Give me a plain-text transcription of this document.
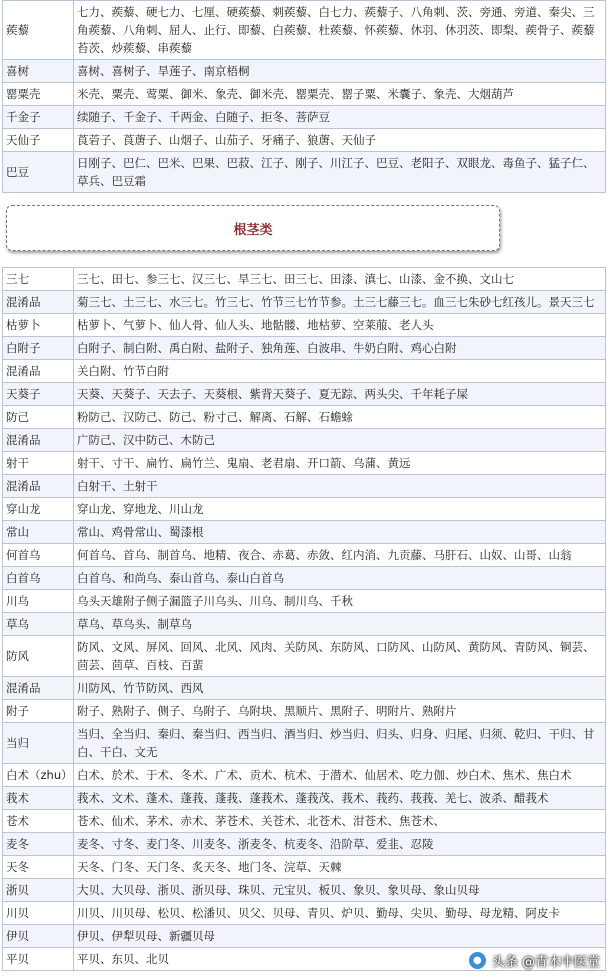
蒺藜	七力、蒺藜、硬七力、七厘、硬蒺藜、刺蒺藜、白七力、蒺藜子、八角刺、茨、旁通、旁道、秦尖、三角蒺藜、八角刺、屈人、止行、即藜、白蒺藜、杜蒺藜、怀蒺藜、休羽、休羽茨、即梨、蒺骨子、蒺藜苔茨、炒蒺藜、串蒺藜
喜树	喜树、喜树子、旱莲子、南京梧桐
罂粟壳	米壳、粟壳、莺粟、御米、象壳、御米壳、罂粟壳、罂子粟、米囊子、象壳、大烟葫芦
千金子	续随子、千金子、千两金、白随子、拒冬、菩萨豆
天仙子	莨菪子、莨蓎子、山烟子、山茄子、牙痛子、狼蓎、天仙子
巴豆	日刚子、巴仁、巴米、巴果、巴菽、江子、刚子、川江子、巴豆、老阳子、双眼龙、毒鱼子、猛子仁、草兵、巴豆霜
根茎类
三七	三七、田七、参三七、汉三七、旱三七、田三七、田漆、滇七、山漆、金不换、文山七
混淆品	菊三七、土三七、水三七。竹三七、竹节三七竹节参。土三七藤三七。血三七朱砂七红孩儿。景天三七
枯萝卜	枯萝卜、气萝卜、仙人骨、仙人头、地骷髅、地枯萝、空莱菔、老人头
白附子	白附子、制白附、禹白附、盐附子、独角莲、白波串、牛奶白附、鸡心白附
混淆品	关白附、竹节白附
天葵子	天葵、天葵子、天去子、天葵根、紫背天葵子、夏无踪、两头尖、千年耗子屎
防己	粉防己、汉防己、防己、粉寸己、解离、石解、石蟾蜍
混淆品	广防己、汉中防己、木防己
射干	射干、寸干、扁竹、扁竹兰、鬼扇、老君扇、开口箭、乌蒲、黄远
混淆品	白射干、土射干
穿山龙	穿山龙、穿地龙、川山龙
常山	常山、鸡骨常山、蜀漆根
何首乌	何首乌、首乌、制首乌、地精、夜合、赤葛、赤敛、红内消、九贡藤、马肝石、山奴、山哥、山翁
白首乌	白首乌、和尚乌、泰山首乌、泰山白首乌
川乌	乌头天雄附子侧子漏篮子川乌头、川乌、制川乌、千秋
草乌	草乌、草乌头、制草乌
防风	防风、文风、屏风、回风、北风、风肉、关防风、东防风、口防风、山防风、黄防风、青防风、铜芸、茴芸、茴草、百枝、百蜚
混淆品	川防风、竹节防风、西风
附子	附子、熟附子、侧子、乌附子、乌附块、黑顺片、黑附子、明附片、熟附片
当归	当归、全当归、秦归、秦当归、西当归、酒当归、炒当归、归头、归身、归尾、归须、乾归、干归、甘白、干白、文无
白术（zhu）	白术、於术、于术、冬术、广术、贡术、杭术、于潜术、仙居术、吃力伽、炒白术、焦术、焦白术
莪术	莪术、文术、蓬术、蓬莪、蓬莪、蓬莪术、蓬莪茂、莪术、莪药、莪莪、羌七、波杀、醋莪术
苍术	苍术、仙术、茅术、赤术、茅苍术、关苍术、北苍术、泔苍术、焦苍术、
麦冬	麦冬、寸冬、麦门冬、川麦冬、浙麦冬、杭麦冬、沿阶草、爱韭、忍陵
天冬	天冬、门冬、天门冬、炙天冬、地门冬、浣草、天棘
浙贝	大贝、大贝母、浙贝、浙贝母、珠贝、元宝贝、板贝、象贝、象贝母、象山贝母
川贝	川贝、川贝母、松贝、松潘贝、贝父、贝母、青贝、炉贝、勤母、尖贝、勤母、母龙精、阿皮卡
伊贝	伊贝、伊犁贝母、新疆贝母
平贝	平贝、东贝、北贝	● 头条 @青木中医堂
